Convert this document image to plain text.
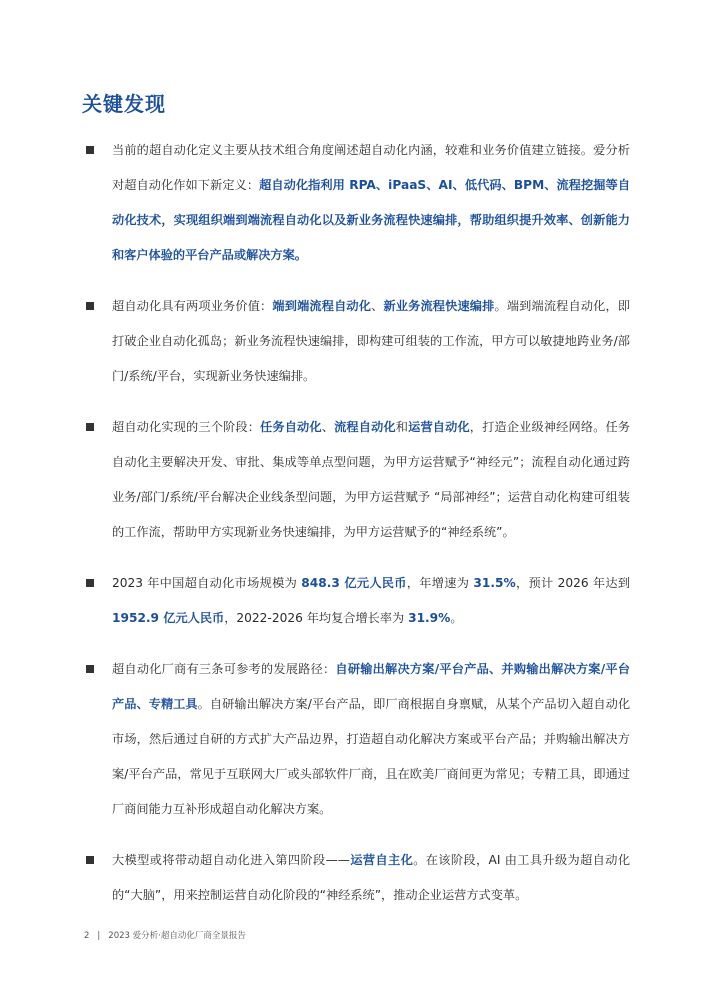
关键发现
当前的超自动化定义主要从技术组合角度阐述超自动化内涵，较难和业务价值建立链接。爱分析对超自动化作如下新定义：超自动化指利用 RPA、iPaaS、AI、低代码、BPM、流程挖掘等自动化技术，实现组织端到端流程自动化以及新业务流程快速编排，帮助组织提升效率、创新能力和客户体验的平台产品或解决方案。
超自动化具有两项业务价值：端到端流程自动化、新业务流程快速编排。端到端流程自动化，即打破企业自动化孤岛；新业务流程快速编排，即构建可组装的工作流，甲方可以敏捷地跨业务/部门/系统/平台，实现新业务快速编排。
超自动化实现的三个阶段：任务自动化、流程自动化和运营自动化，打造企业级神经网络。任务自动化主要解决开发、审批、集成等单点型问题，为甲方运营赋予“神经元”；流程自动化通过跨业务/部门/系统/平台解决企业线条型问题，为甲方运营赋予 “局部神经”；运营自动化构建可组装的工作流，帮助甲方实现新业务快速编排，为甲方运营赋予的“神经系统”。
2023 年中国超自动化市场规模为 848.3 亿元人民币，年增速为 31.5%，预计 2026 年达到 1952.9 亿元人民币，2022-2026 年均复合增长率为 31.9%。
超自动化厂商有三条可参考的发展路径：自研输出解决方案/平台产品、并购输出解决方案/平台产品、专精工具。自研输出解决方案/平台产品，即厂商根据自身禀赋，从某个产品切入超自动化市场，然后通过自研的方式扩大产品边界，打造超自动化解决方案或平台产品；并购输出解决方案/平台产品，常见于互联网大厂或头部软件厂商，且在欧美厂商间更为常见；专精工具，即通过厂商间能力互补形成超自动化解决方案。
大模型或将带动超自动化进入第四阶段——运营自主化。在该阶段，AI 由工具升级为超自动化的“大脑”，用来控制运营自动化阶段的“神经系统”，推动企业运营方式变革。
2 | 2023 爱分析·超自动化厂商全景报告
